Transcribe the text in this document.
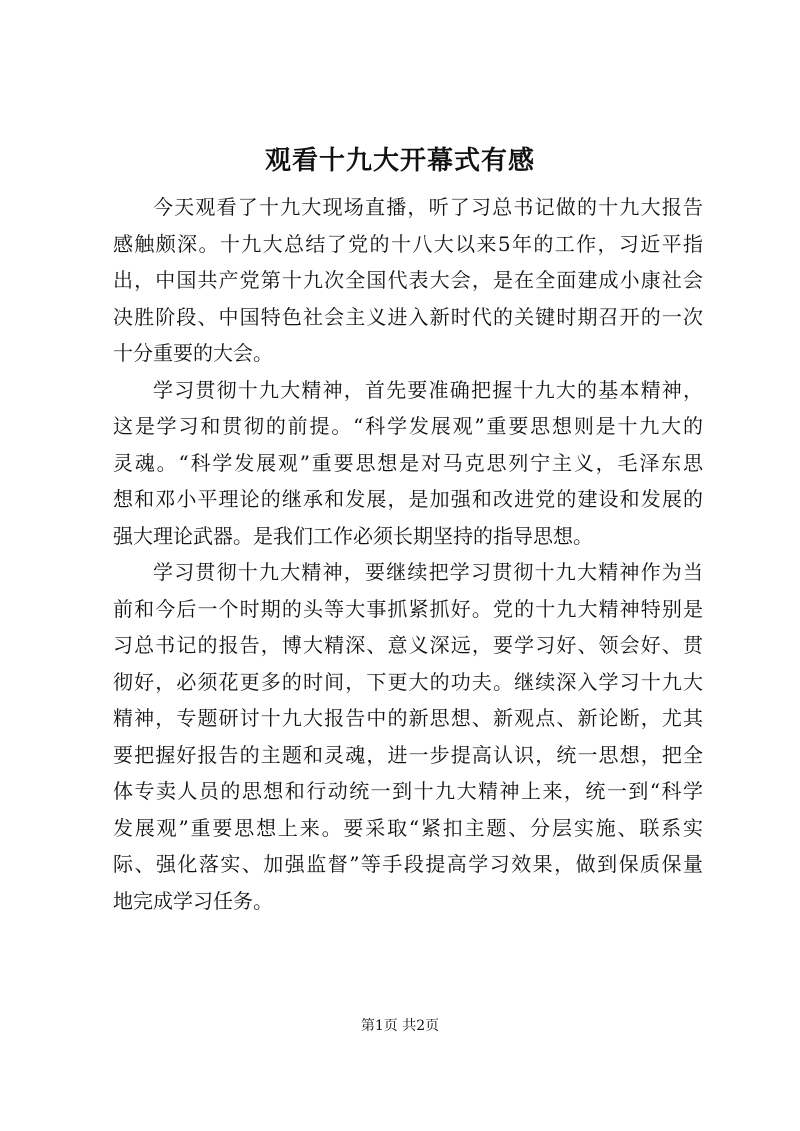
观看十九大开幕式有感
今天观看了十九大现场直播，听了习总书记做的十九大报告
感触颇深。十九大总结了党的十八大以来5年的工作，习近平指
出，中国共产党第十九次全国代表大会，是在全面建成小康社会
决胜阶段、中国特色社会主义进入新时代的关键时期召开的一次
十分重要的大会。
学习贯彻十九大精神，首先要准确把握十九大的基本精神，
这是学习和贯彻的前提。“科学发展观”重要思想则是十九大的
灵魂。“科学发展观”重要思想是对马克思列宁主义，毛泽东思
想和邓小平理论的继承和发展，是加强和改进党的建设和发展的
强大理论武器。是我们工作必须长期坚持的指导思想。
学习贯彻十九大精神，要继续把学习贯彻十九大精神作为当
前和今后一个时期的头等大事抓紧抓好。党的十九大精神特别是
习总书记的报告，博大精深、意义深远，要学习好、领会好、贯
彻好，必须花更多的时间，下更大的功夫。继续深入学习十九大
精神，专题研讨十九大报告中的新思想、新观点、新论断，尤其
要把握好报告的主题和灵魂，进一步提高认识，统一思想，把全
体专卖人员的思想和行动统一到十九大精神上来，统一到“科学
发展观”重要思想上来。要采取“紧扣主题、分层实施、联系实
际、强化落实、加强监督”等手段提高学习效果，做到保质保量
地完成学习任务。
第1页 共2页
